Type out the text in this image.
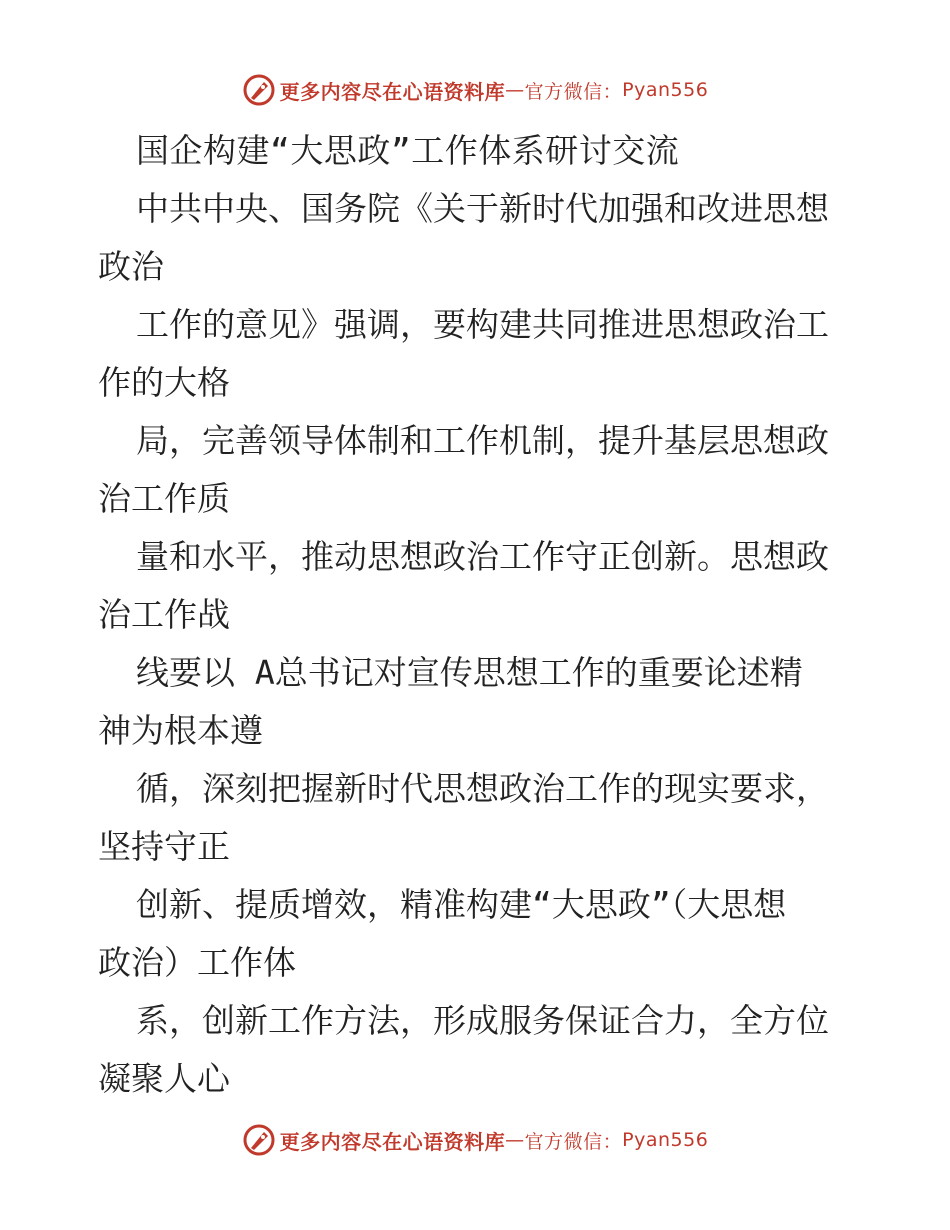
更多内容尽在心语资料库 — 官方微信： Pyan556
国企构建“大思政”工作体系研讨交流
中共中央、国务院《关于新时代加强和改进思想
政治
工作的意见》强调，要构建共同推进思想政治工
作的大格
局，完善领导体制和工作机制，提升基层思想政
治工作质
量和水平，推动思想政治工作守正创新。思想政
治工作战
线要以 A总书记对宣传思想工作的重要论述精
神为根本遵
循，深刻把握新时代思想政治工作的现实要求，
坚持守正
创新、提质增效，精准构建“大思政”（大思想
政治）工作体
系，创新工作方法，形成服务保证合力，全方位
凝聚人心
更多内容尽在心语资料库 — 官方微信： Pyan556
